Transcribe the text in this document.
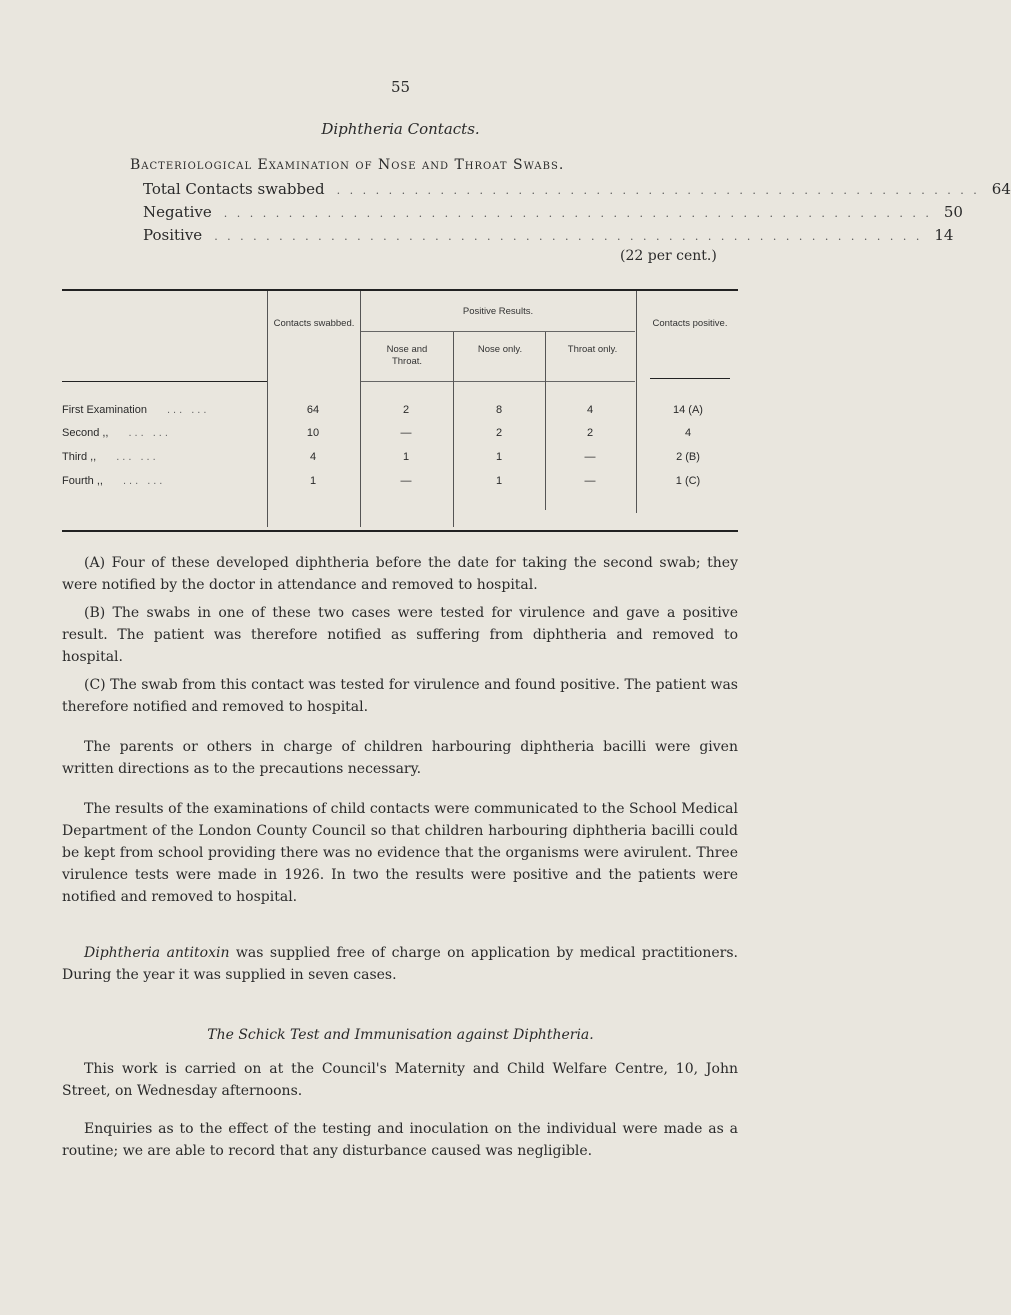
55
Diphtheria Contacts.
Bacteriological Examination of Nose and Throat Swabs.
Total Contacts swabbed . . . . . . . . . . . . . . . . . . . . . . . . . . . . . . . . . . . . . . . . . . . . . . . . . . 64
Negative . . . . . . . . . . . . . . . . . . . . . . . . . . . . . . . . . . . . . . . . . . . . . . . . . . . . . . . 50
Positive . . . . . . . . . . . . . . . . . . . . . . . . . . . . . . . . . . . . . . . . . . . . . . . . . . . . . . . 14
(22 per cent.)
Contacts swabbed.
Positive Results.
Nose and Throat.
Nose only.	Throat only.
Contacts positive.
First Examination ... ...	64	2	8	4	14 (A)
Second ,, ... ...	10	—	2	2	4
Third ,, ... ...	4	1	1	—	2 (B)
Fourth ,, ... ...	1	—	1	—	1 (C)

(A) Four of these developed diphtheria before the date for taking the second swab; they were notified by the doctor in attendance and removed to hospital.

(B) The swabs in one of these two cases were tested for virulence and gave a positive result. The patient was therefore notified as suffering from diphtheria and removed to hospital.

(C) The swab from this contact was tested for virulence and found positive. The patient was therefore notified and removed to hospital.

The parents or others in charge of children harbouring diphtheria bacilli were given written directions as to the precautions necessary.

The results of the examinations of child contacts were communicated to the School Medical Department of the London County Council so that children harbouring diphtheria bacilli could be kept from school providing there was no evidence that the organisms were avirulent. Three virulence tests were made in 1926. In two the results were positive and the patients were notified and removed to hospital.

Diphtheria antitoxin was supplied free of charge on application by medical practitioners. During the year it was supplied in seven cases.

The Schick Test and Immunisation against Diphtheria.

This work is carried on at the Council's Maternity and Child Welfare Centre, 10, John Street, on Wednesday afternoons.

Enquiries as to the effect of the testing and inoculation on the individual were made as a routine; we are able to record that any disturbance caused was negligible.
